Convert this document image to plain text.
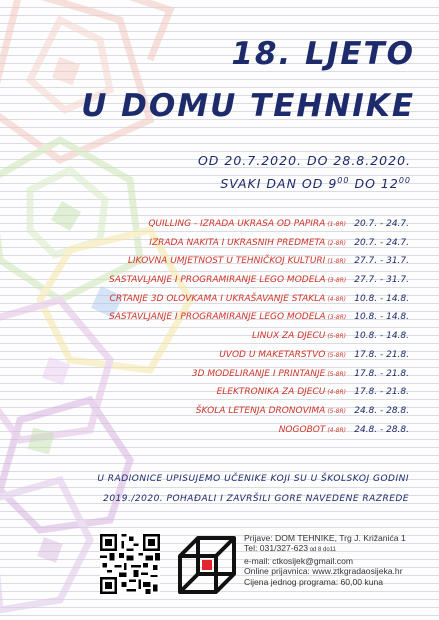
18. LJETO
U DOMU TEHNIKE
OD 20.7.2020. DO 28.8.2020.
SVAKI DAN OD $9^{00}$ DO $12^{00}$
QUILLING - IZRADA UKRASA OD PAPIRA (1-8R) 20.7. - 24.7.
IZRADA NAKITA I UKRASNIH PREDMETA (2-8R) 20.7. - 24.7.
LIKOVNA UMJETNOST U TEHNIČKOJ KULTURI (1-8R) 27.7. - 31.7.
SASTAVLJANJE I PROGRAMIRANJE LEGO MODELA (3-8R) 27.7. - 31.7.
CRTANJE 3D OLOVKAMA I UKRAŠAVANJE STAKLA (4-8R) 10.8. - 14.8.
SASTAVLJANJE I PROGRAMIRANJE LEGO MODELA (3-8R) 10.8. - 14.8.
LINUX ZA DJECU (5-8R) 10.8. - 14.8.
UVOD U MAKETARSTVO (5-8R) 17.8. - 21.8.
3D MODELIRANJE I PRINTANJE (5-8R) 17.8. - 21.8.
ELEKTRONIKA ZA DJECU (4-8R) 17.8. - 21.8.
ŠKOLA LETENJA DRONOVIMA (5-8R) 24.8. - 28.8.
NOGOBOT (4-8R) 24.8. - 28.8.
U RADIONICE UPISUJEMO UČENIKE KOJI SU U ŠKOLSKOJ GODINI
2019./2020. POHAĐALI I ZAVRŠILI GORE NAVEDENE RAZREDE
Prijave: DOM TEHNIKE, Trg J. Križanića 1
Tel: 031/327-623 od 8 do11
e-mail: ctkosijek@gmail.com
Online prijavnica: www.ztkgradaosijeka.hr
Cijena jednog programa: 60,00 kuna
